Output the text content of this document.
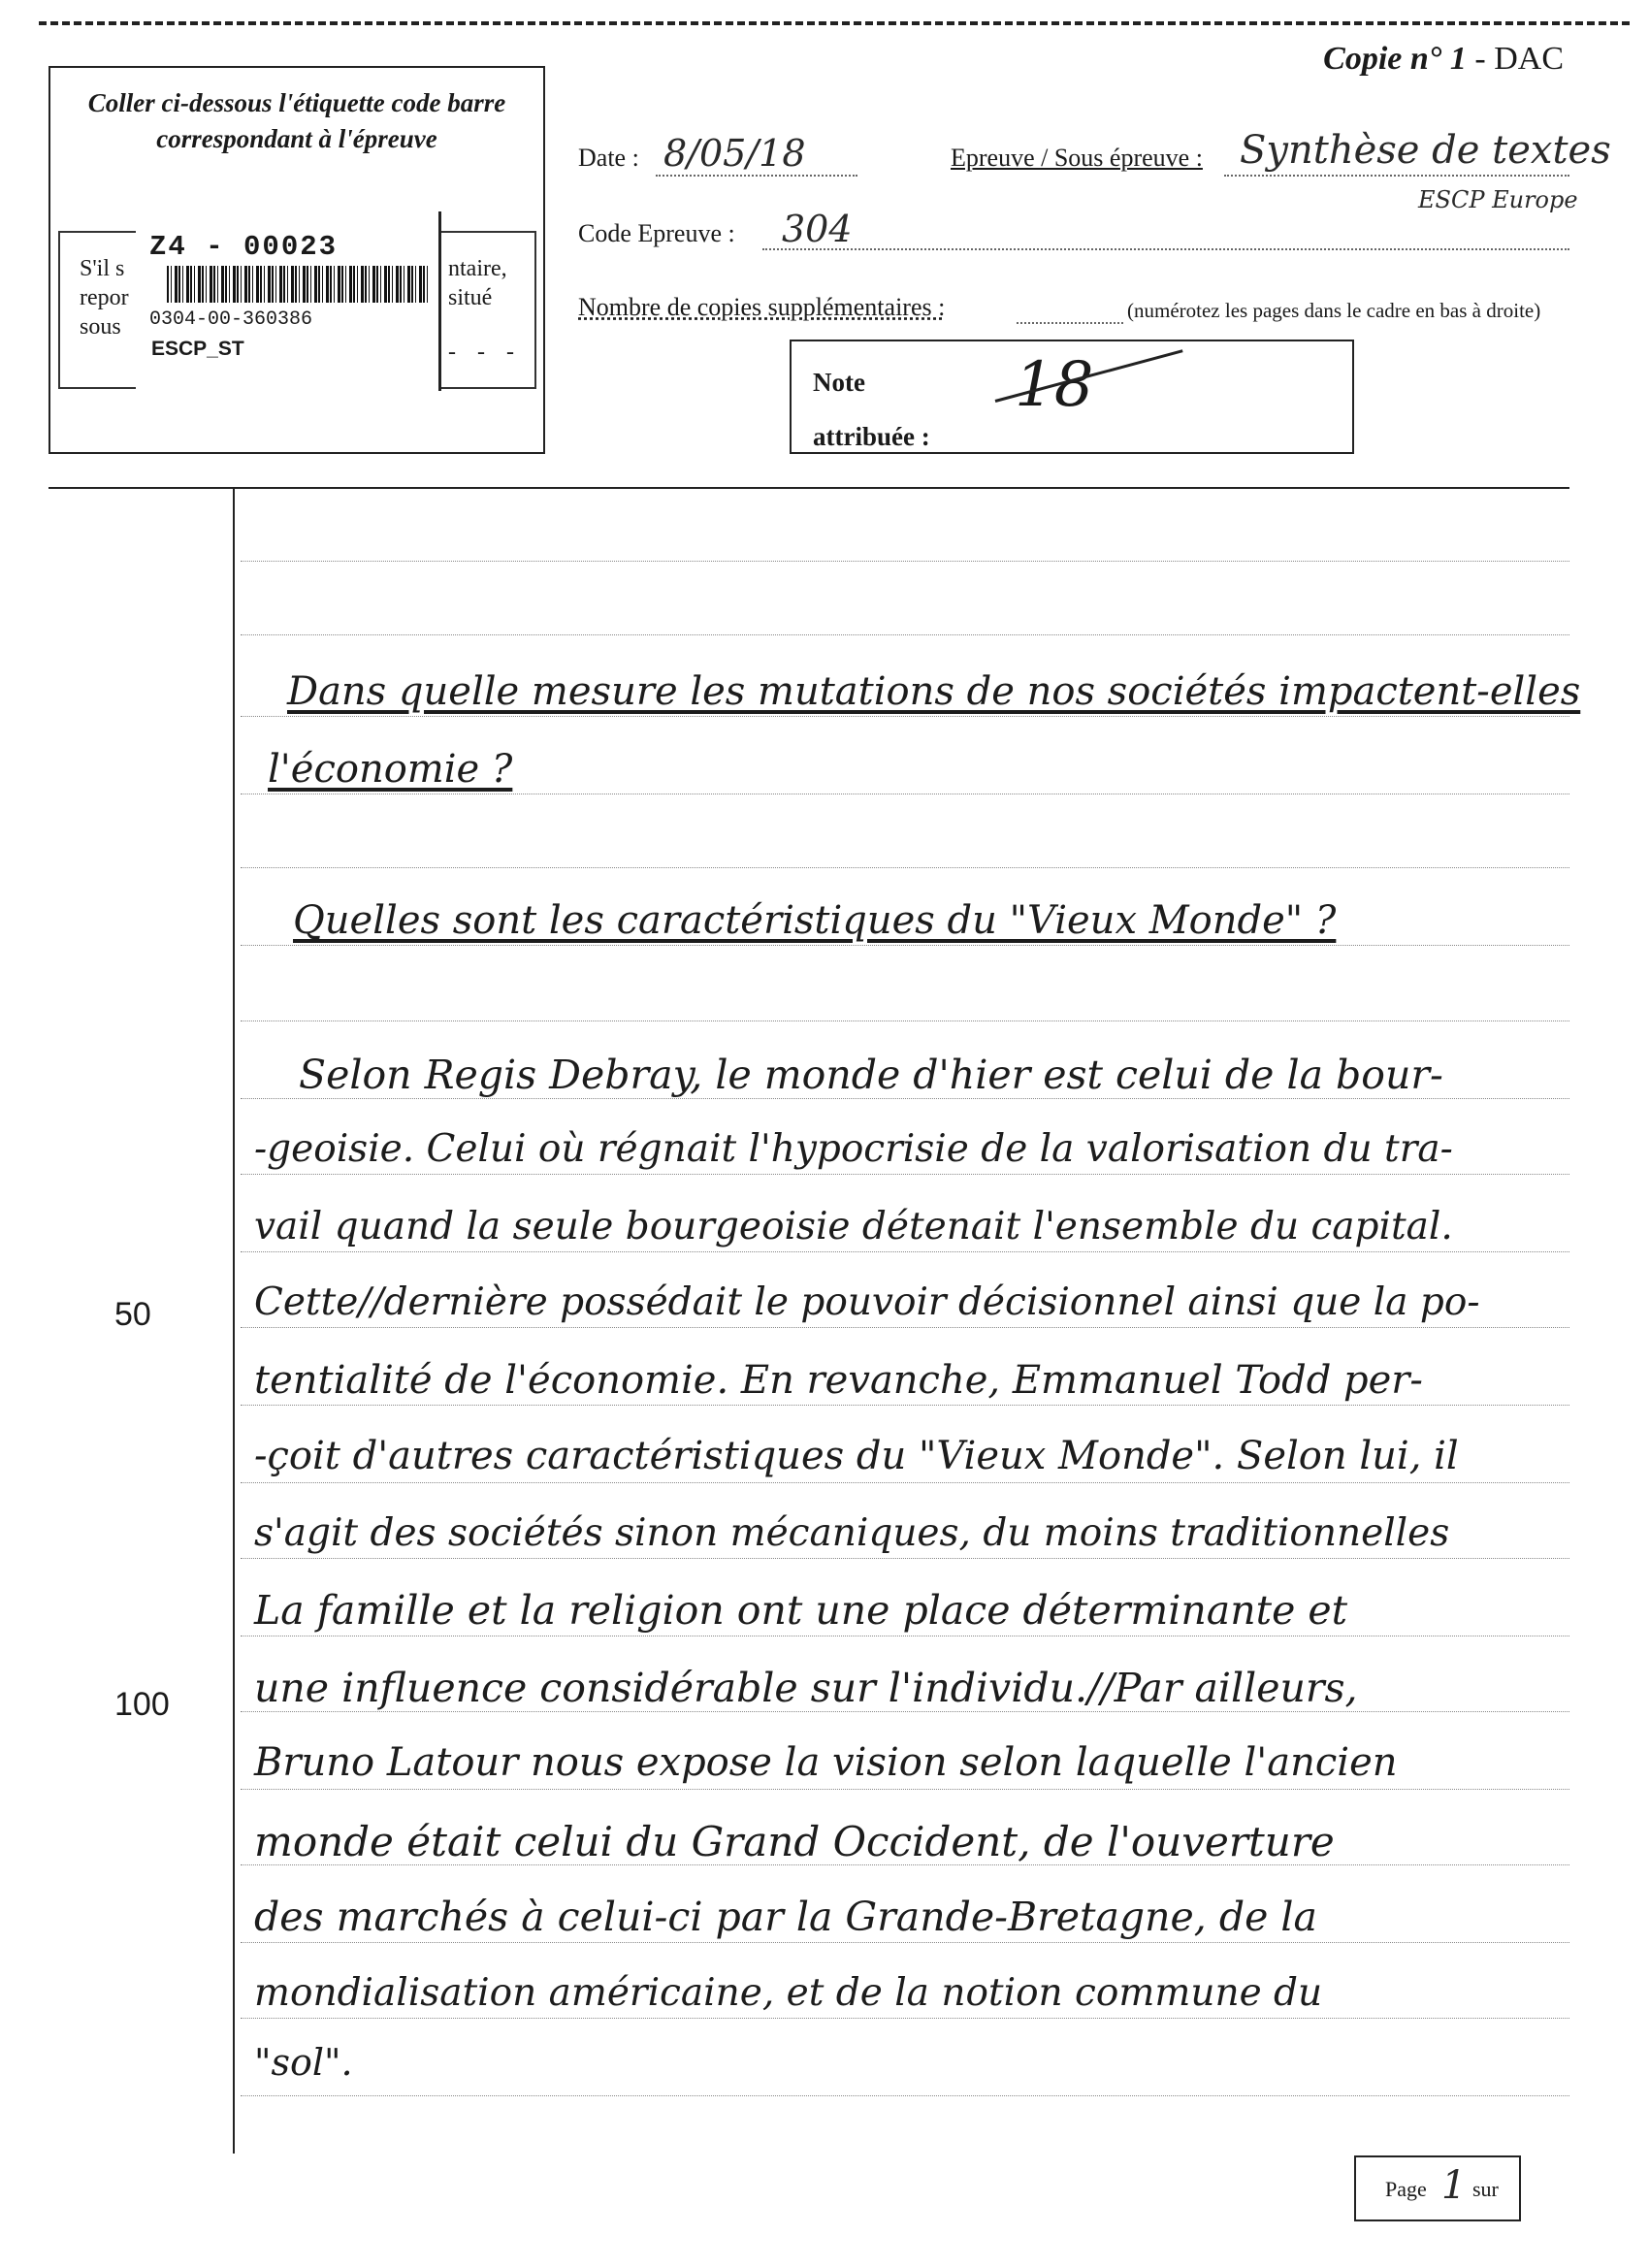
Coller ci-dessous l'étiquette code barre
correspondant à l'épreuve
S'il s
repor
sous
ntaire,
situé
- - -
Z4 - 00023
0304-00-360386
ESCP_ST
Copie n° 1 - DAC
Date : 8/05/18	Epreuve / Sous épreuve : Synthèse de textes
ESCP Europe
Code Epreuve : 304
Nombre de copies supplémentaires :	(numérotez les pages dans le cadre en bas à droite)
Note
attribuée :
18
50
100
Dans quelle mesure les mutations de nos sociétés impactent-elles
l'économie ?
Quelles sont les caractéristiques du "Vieux Monde" ?
Selon Regis Debray, le monde d'hier est celui de la bour-
-geoisie. Celui où régnait l'hypocrisie de la valorisation du tra-
vail quand la seule bourgeoisie détenait l'ensemble du capital.
Cette//dernière possédait le pouvoir décisionnel ainsi que la po-
tentialité de l'économie. En revanche, Emmanuel Todd per-
-çoit d'autres caractéristiques du "Vieux Monde". Selon lui, il
s'agit des sociétés sinon mécaniques, du moins traditionnelles
La famille et la religion ont une place déterminante et
une influence considérable sur l'individu.//Par ailleurs,
Bruno Latour nous expose la vision selon laquelle l'ancien
monde était celui du Grand Occident, de l'ouverture
des marchés à celui-ci par la Grande-Bretagne, de la
mondialisation américaine, et de la notion commune du
"sol".
Page 1 sur
